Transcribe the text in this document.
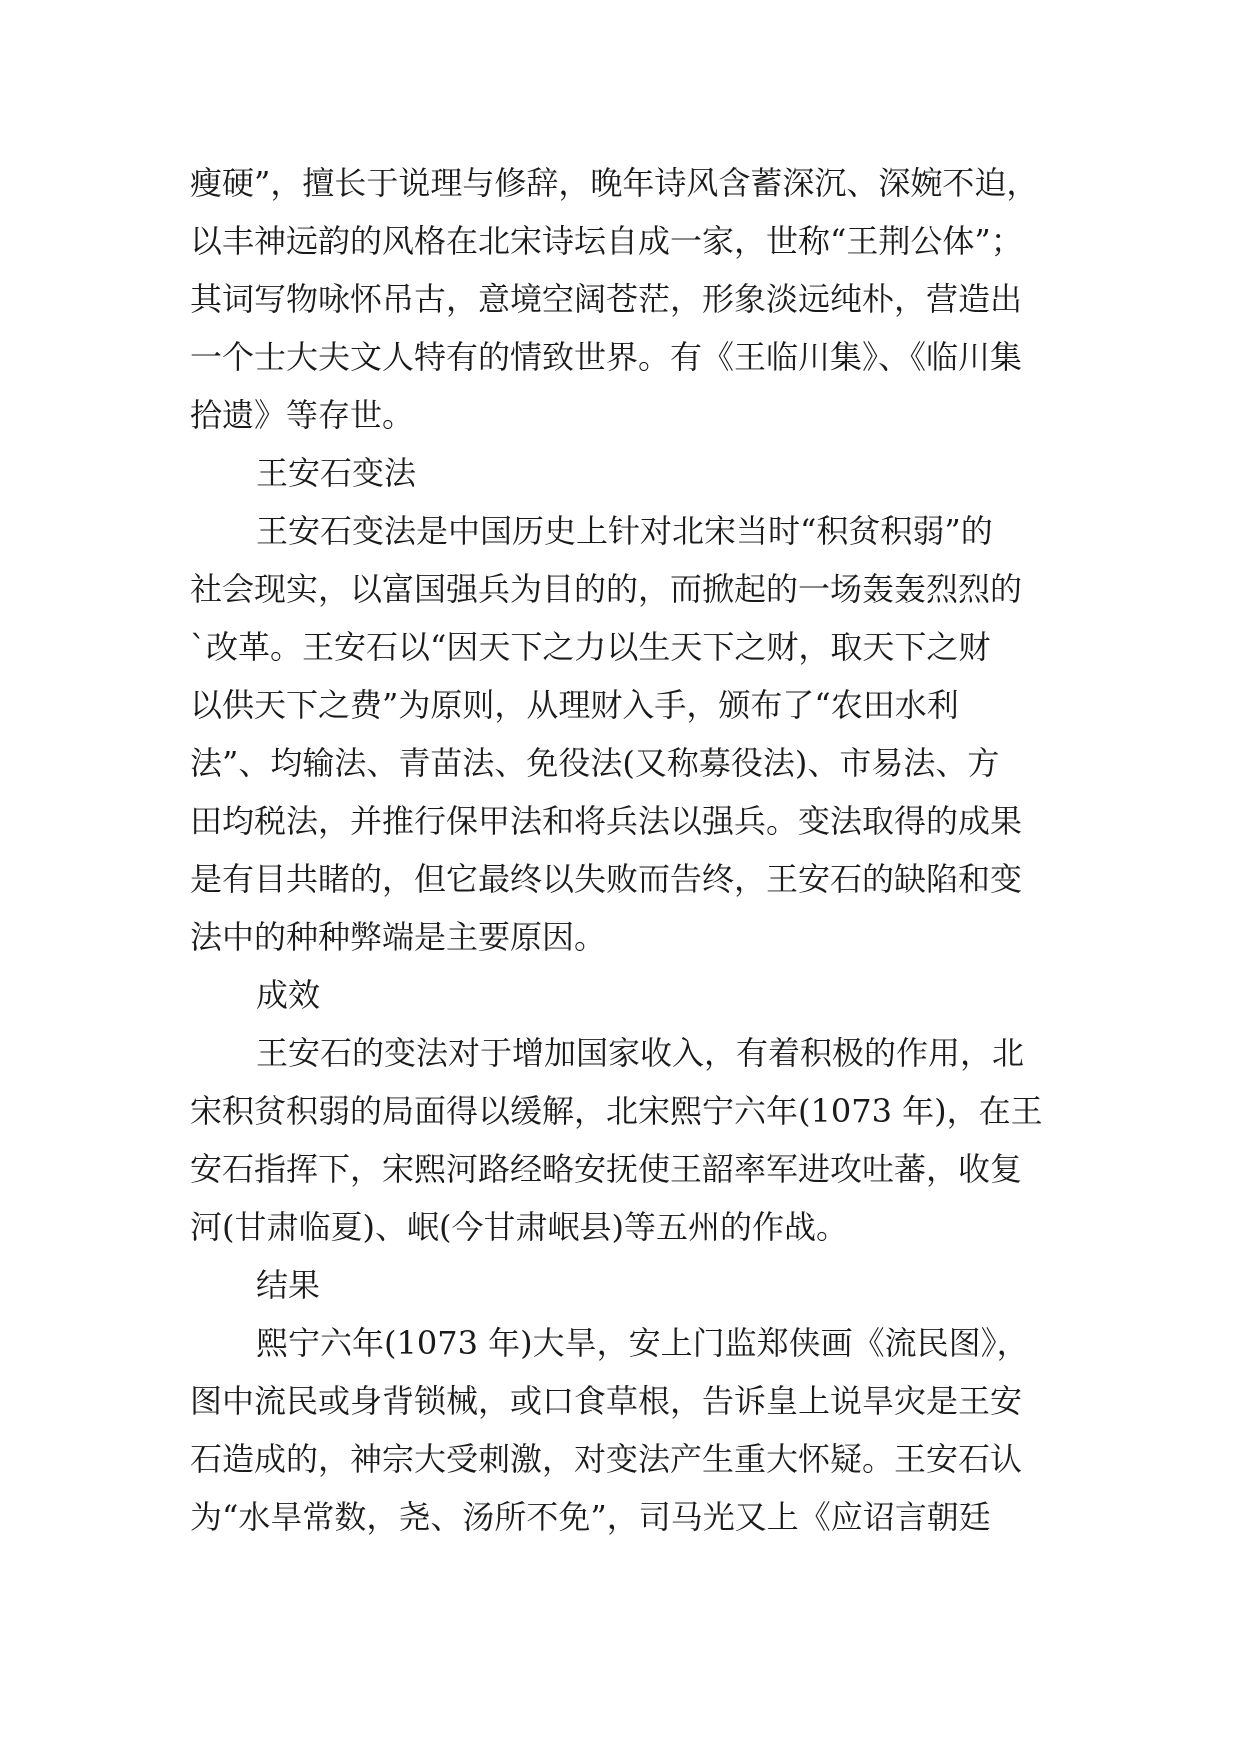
瘦硬”，擅长于说理与修辞，晚年诗风含蓄深沉、深婉不迫，
以丰神远韵的风格在北宋诗坛自成一家，世称“王荆公体”；
其词写物咏怀吊古，意境空阔苍茫，形象淡远纯朴，营造出
一个士大夫文人特有的情致世界。有《王临川集》、《临川集
拾遗》等存世。
王安石变法
王安石变法是中国历史上针对北宋当时“积贫积弱”的
社会现实，以富国强兵为目的的，而掀起的一场轰轰烈烈的
`改革。王安石以“因天下之力以生天下之财，取天下之财
以供天下之费”为原则，从理财入手，颁布了“农田水利
法”、均输法、青苗法、免役法(又称募役法)、市易法、方
田均税法，并推行保甲法和将兵法以强兵。变法取得的成果
是有目共睹的，但它最终以失败而告终，王安石的缺陷和变
法中的种种弊端是主要原因。
成效
王安石的变法对于增加国家收入，有着积极的作用，北
宋积贫积弱的局面得以缓解，北宋熙宁六年(1073 年)，在王
安石指挥下，宋熙河路经略安抚使王韶率军进攻吐蕃，收复
河(甘肃临夏)、岷(今甘肃岷县)等五州的作战。
结果
熙宁六年(1073 年)大旱，安上门监郑侠画《流民图》，
图中流民或身背锁械，或口食草根，告诉皇上说旱灾是王安
石造成的，神宗大受刺激，对变法产生重大怀疑。王安石认
为“水旱常数，尧、汤所不免”，司马光又上《应诏言朝廷
